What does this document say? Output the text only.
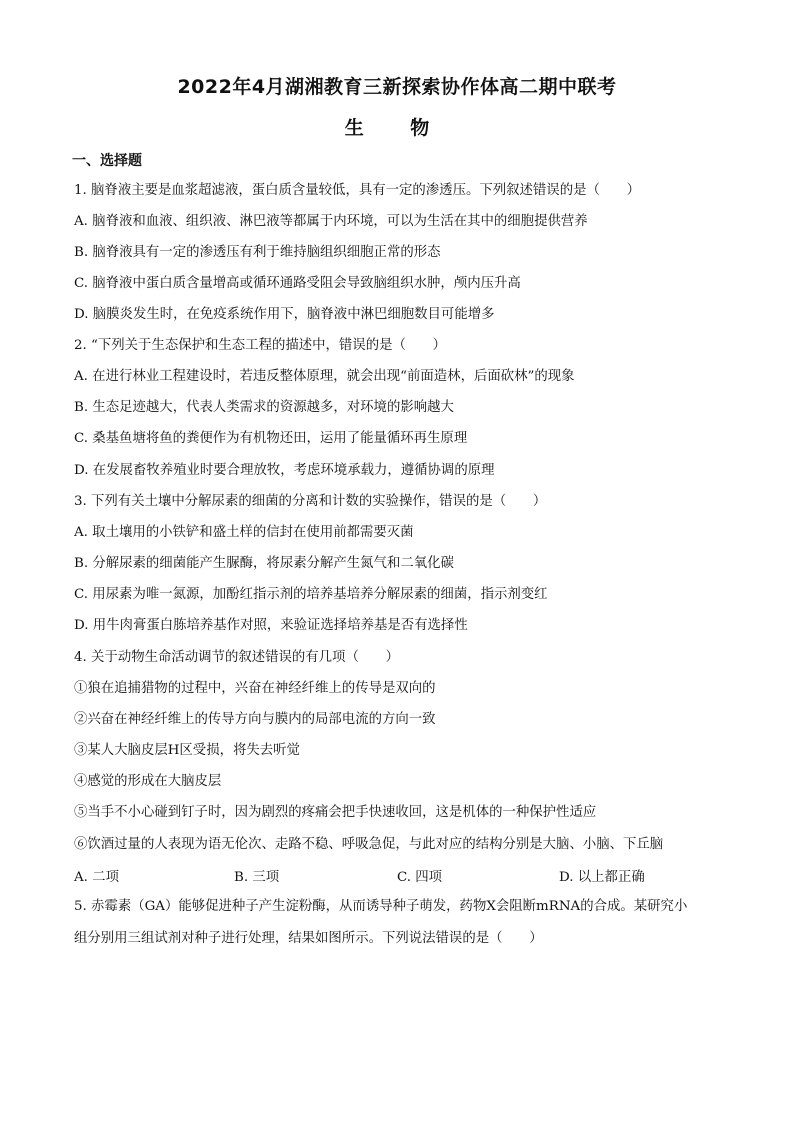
2022年4月湖湘教育三新探索协作体高二期中联考
生 物
一、选择题
1. 脑脊液主要是血浆超滤液，蛋白质含量较低，具有一定的渗透压。下列叙述错误的是（　　）
A. 脑脊液和血液、组织液、淋巴液等都属于内环境，可以为生活在其中的细胞提供营养
B. 脑脊液具有一定的渗透压有利于维持脑组织细胞正常的形态
C. 脑脊液中蛋白质含量增高或循环通路受阻会导致脑组织水肿，颅内压升高
D. 脑膜炎发生时，在免疫系统作用下，脑脊液中淋巴细胞数目可能增多
2. “下列关于生态保护和生态工程的描述中，错误的是（　　）
A. 在进行林业工程建设时，若违反整体原理，就会出现“前面造林，后面砍林”的现象
B. 生态足迹越大，代表人类需求的资源越多，对环境的影响越大
C. 桑基鱼塘将鱼的粪便作为有机物还田，运用了能量循环再生原理
D. 在发展畜牧养殖业时要合理放牧，考虑环境承载力，遵循协调的原理
3. 下列有关土壤中分解尿素的细菌的分离和计数的实验操作，错误的是（　　）
A. 取土壤用的小铁铲和盛土样的信封在使用前都需要灭菌
B. 分解尿素的细菌能产生脲酶，将尿素分解产生氮气和二氧化碳
C. 用尿素为唯一氮源，加酚红指示剂的培养基培养分解尿素的细菌，指示剂变红
D. 用牛肉膏蛋白胨培养基作对照，来验证选择培养基是否有选择性
4. 关于动物生命活动调节的叙述错误的有几项（　　）
①狼在追捕猎物的过程中，兴奋在神经纤维上的传导是双向的
②兴奋在神经纤维上的传导方向与膜内的局部电流的方向一致
③某人大脑皮层H区受损，将失去听觉
④感觉的形成在大脑皮层
⑤当手不小心碰到钉子时，因为剧烈的疼痛会把手快速收回，这是机体的一种保护性适应
⑥饮酒过量的人表现为语无伦次、走路不稳、呼吸急促，与此对应的结构分别是大脑、小脑、下丘脑
A. 二项	B. 三项	C. 四项	D. 以上都正确
5. 赤霉素（GA）能够促进种子产生淀粉酶，从而诱导种子萌发，药物X会阻断mRNA的合成。某研究小
组分别用三组试剂对种子进行处理，结果如图所示。下列说法错误的是（　　）
